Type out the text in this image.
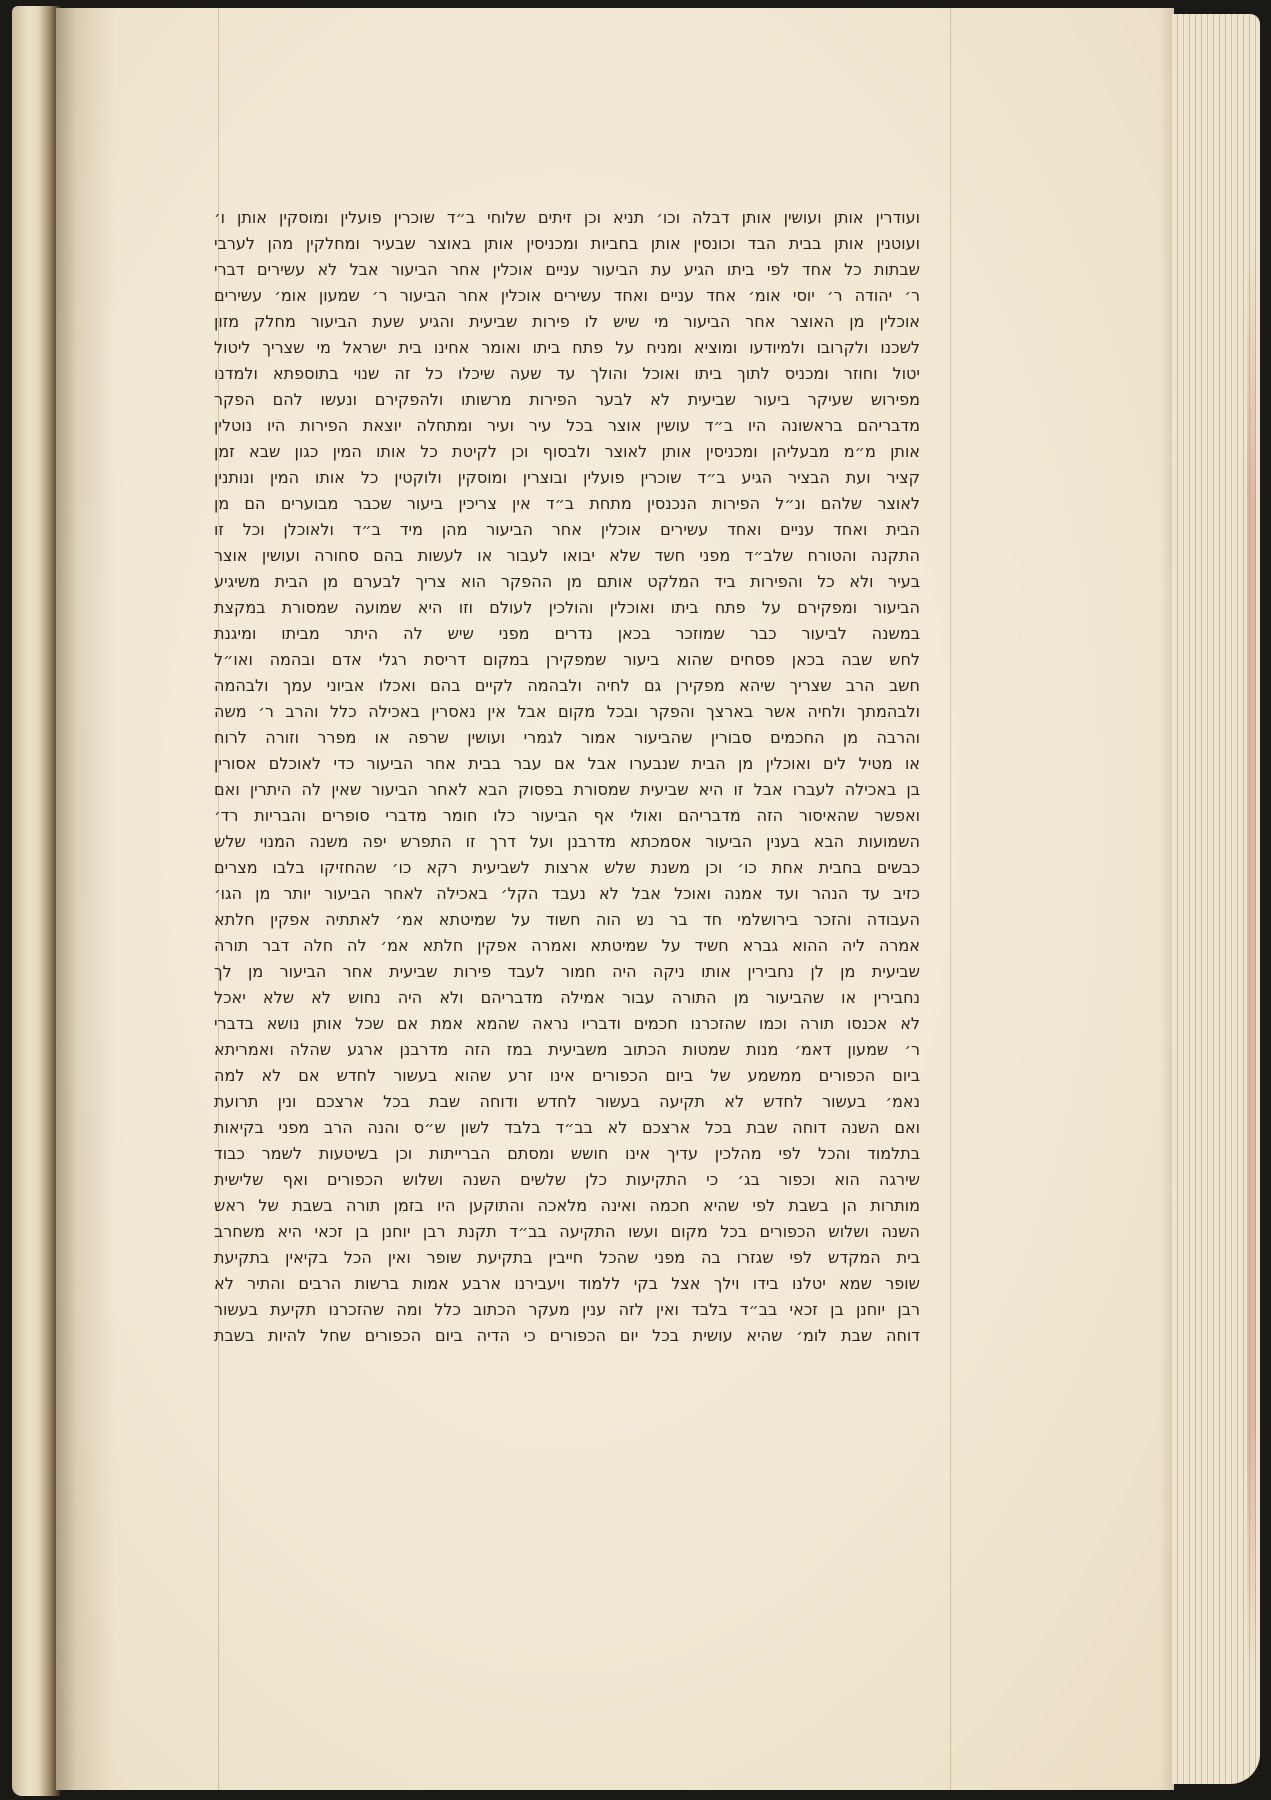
ועודרין אותן ועושין אותן דבלה וכו׳ תניא וכן זיתים שלוחי ב״ד שוכרין פועלין ומוסקין אותן ו׳
ועוטנין אותן בבית הבד וכונסין אותן בחביות ומכניסין אותן באוצר שבעיר ומחלקין מהן לערבי
שבתות כל אחד לפי ביתו הגיע עת הביעור עניים אוכלין אחר הביעור אבל לא עשירים דברי
ר׳ יהודה ר׳ יוסי אומ׳ אחד עניים ואחד עשירים אוכלין אחר הביעור ר׳ שמעון אומ׳ עשירים
אוכלין מן האוצר אחר הביעור מי שיש לו פירות שביעית והגיע שעת הביעור מחלק מזון
לשכנו ולקרובו ולמיודעו ומוציא ומניח על פתח ביתו ואומר אחינו בית ישראל מי שצריך ליטול
יטול וחוזר ומכניס לתוך ביתו ואוכל והולך עד שעה שיכלו כל זה שנוי בתוספתא ולמדנו
מפירוש שעיקר ביעור שביעית לא לבער הפירות מרשותו ולהפקירם ונעשו להם הפקר
מדבריהם בראשונה היו ב״ד עושין אוצר בכל עיר ועיר ומתחלה יוצאת הפירות היו נוטלין
אותן מ״מ מבעליהן ומכניסין אותן לאוצר ולבסוף וכן לקיטת כל אותו המין כגון שבא זמן
קציר ועת הבציר הגיע ב״ד שוכרין פועלין ובוצרין ומוסקין ולוקטין כל אותו המין ונותנין
לאוצר שלהם ונ״ל הפירות הנכנסין מתחת ב״ד אין צריכין ביעור שכבר מבוערים הם מן
הבית ואחד עניים ואחד עשירים אוכלין אחר הביעור מהן מיד ב״ד ולאוכלן וכל זו
התקנה והטורח שלב״ד מפני חשד שלא יבואו לעבור או לעשות בהם סחורה ועושין אוצר
בעיר ולא כל והפירות ביד המלקט אותם מן ההפקר הוא צריך לבערם מן הבית משיגיע
הביעור ומפקירם על פתח ביתו ואוכלין והולכין לעולם וזו היא שמועה שמסורת במקצת
במשנה לביעור כבר שמוזכר בכאן נדרים מפני שיש לה היתר מביתו ומיגנת
לחש שבה בכאן פסחים שהוא ביעור שמפקירן במקום דריסת רגלי אדם ובהמה ואו״ל
חשב הרב שצריך שיהא מפקירן גם לחיה ולבהמה לקיים בהם ואכלו אביוני עמך ולבהמה
ולבהמתך ולחיה אשר בארצך והפקר ובכל מקום אבל אין נאסרין באכילה כלל והרב ר׳ משה
והרבה מן החכמים סבורין שהביעור אמור לגמרי ועושין שרפה או מפרר וזורה לרוח
או מטיל לים ואוכלין מן הבית שנבערו אבל אם עבר בבית אחר הביעור כדי לאוכלם אסורין
בן באכילה לעברו אבל זו היא שביעית שמסורת בפסוק הבא לאחר הביעור שאין לה היתרין ואם
ואפשר שהאיסור הזה מדבריהם ואולי אף הביעור כלו חומר מדברי סופרים והבריות רד׳
השמועות הבא בענין הביעור אסמכתא מדרבנן ועל דרך זו התפרש יפה משנה המנוי שלש
כבשים בחבית אחת כו׳ וכן משנת שלש ארצות לשביעית רקא כו׳ שהחזיקו בלבו מצרים
כזיב עד הנהר ועד אמנה ואוכל אבל לא נעבד הקל׳ באכילה לאחר הביעור יותר מן הגו׳
העבודה והזכר בירושלמי חד בר נש הוה חשוד על שמיטתא אמ׳ לאתתיה אפקין חלתא
אמרה ליה ההוא גברא חשיד על שמיטתא ואמרה אפקין חלתא אמ׳ לה חלה דבר תורה
שביעית מן לן נחבירין אותו ניקה היה חמור לעבד פירות שביעית אחר הביעור מן לך
נחבירין או שהביעור מן התורה עבור אמילה מדבריהם ולא היה נחוש לא שלא יאכל
לא אכנסו תורה וכמו שהזכרנו חכמים ודבריו נראה שהמא אמת אם שכל אותן נושא בדברי
ר׳ שמעון דאמ׳ מנות שמטות הכתוב משביעית במז הזה מדרבנן ארגע שהלה ואמריתא
ביום הכפורים ממשמע של ביום הכפורים אינו זרע שהוא בעשור לחדש אם לא למה
נאמ׳ בעשור לחדש לא תקיעה בעשור לחדש ודוחה שבת בכל ארצכם ונין תרועת
ואם השנה דוחה שבת בכל ארצכם לא בב״ד בלבד לשון ש״ס והנה הרב מפני בקיאות
בתלמוד והכל לפי מהלכין עדיך אינו חושש ומסתם הברייתות וכן בשיטעות לשמר כבוד
שירגה הוא וכפור בג׳ כי התקיעות כלן שלשים השנה ושלוש הכפורים ואף שלישית
מותרות הן בשבת לפי שהיא חכמה ואינה מלאכה והתוקען היו בזמן תורה בשבת של ראש
השנה ושלוש הכפורים בכל מקום ועשו התקיעה בב״ד תקנת רבן יוחנן בן זכאי היא משחרב
בית המקדש לפי שגזרו בה מפני שהכל חייבין בתקיעת שופר ואין הכל בקיאין בתקיעת
שופר שמא יטלנו בידו וילך אצל בקי ללמוד ויעבירנו ארבע אמות ברשות הרבים והתיר לא
רבן יוחנן בן זכאי בב״ד בלבד ואין לזה ענין מעקר הכתוב כלל ומה שהזכרנו תקיעת בעשור
דוחה שבת לומ׳ שהיא עושית בכל יום הכפורים כי הדיה ביום הכפורים שחל להיות בשבת
